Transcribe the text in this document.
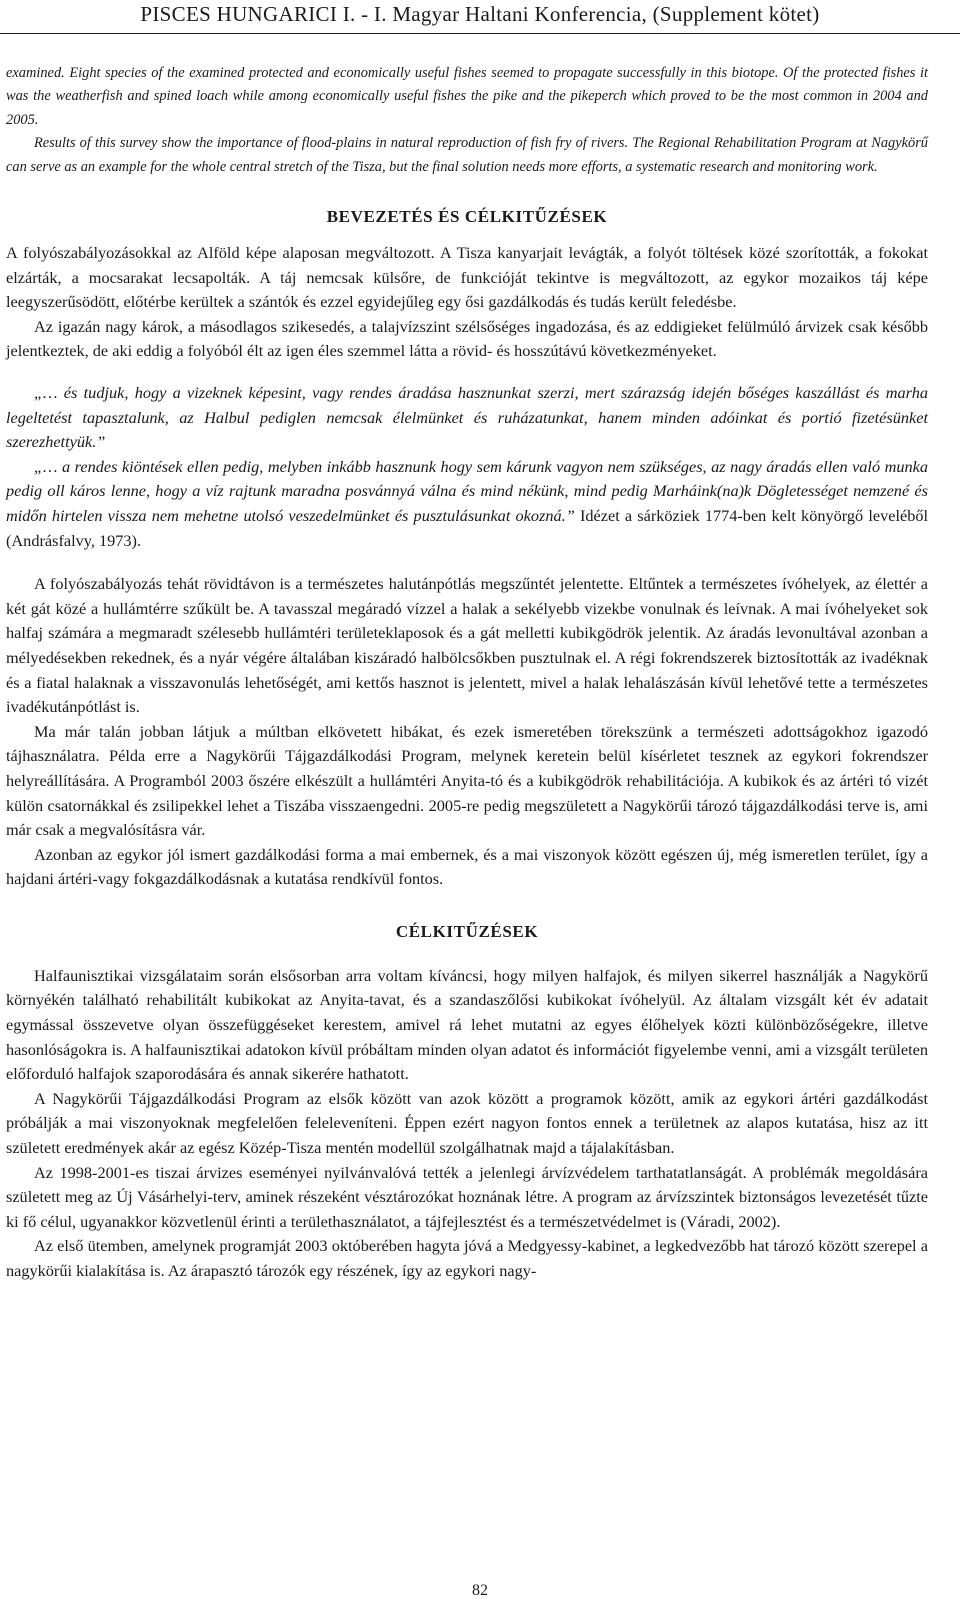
PISCES HUNGARICI I. - I. Magyar Haltani Konferencia, (Supplement kötet)

examined. Eight species of the examined protected and economically useful fishes seemed to propagate successfully in this biotope. Of the protected fishes it was the weatherfish and spined loach while among economically useful fishes the pike and the pikeperch which proved to be the most common in 2004 and 2005.

Results of this survey show the importance of flood-plains in natural reproduction of fish fry of rivers. The Regional Rehabilitation Program at Nagykörű can serve as an example for the whole central stretch of the Tisza, but the final solution needs more efforts, a systematic research and monitoring work.

BEVEZETÉS ÉS CÉLKITŰZÉSEK

A folyószabályozásokkal az Alföld képe alaposan megváltozott. A Tisza kanyarjait levágták, a folyót töltések közé szorították, a fokokat elzárták, a mocsarakat lecsapolták. A táj nemcsak külsőre, de funkcióját tekintve is megváltozott, az egykor mozaikos táj képe leegyszerűsödött, előtérbe kerültek a szántók és ezzel egyidejűleg egy ősi gazdálkodás és tudás került feledésbe.

Az igazán nagy károk, a másodlagos szikesedés, a talajvízszint szélsőséges ingadozása, és az eddigieket felülmúló árvizek csak később jelentkeztek, de aki eddig a folyóból élt az igen éles szemmel látta a rövid- és hosszútávú következményeket.

„… és tudjuk, hogy a vizeknek képesint, vagy rendes áradása hasznunkat szerzi, mert szárazság idején bőséges kaszállást és marha legeltetést tapasztalunk, az Halbul pediglen nemcsak élelmünket és ruházatunkat, hanem minden adóinkat és portió fizetésünket szerezhettyük.”

„… a rendes kiöntések ellen pedig, melyben inkább hasznunk hogy sem kárunk vagyon nem szükséges, az nagy áradás ellen való munka pedig oll káros lenne, hogy a víz rajtunk maradna posvánnyá válna és mind nékünk, mind pedig Marháink(na)k Dögletességet nemzené és midőn hirtelen vissza nem mehetne utolsó veszedelmünket és pusztulásunkat okozná.” Idézet a sárköziek 1774-ben kelt könyörgő leveléből (Andrásfalvy, 1973).

A folyószabályozás tehát rövidtávon is a természetes halutánpótlás megszűntét jelentette. Eltűntek a természetes ívóhelyek, az élettér a két gát közé a hullámtérre szűkült be. A tavasszal megáradó vízzel a halak a sekélyebb vizekbe vonulnak és leívnak. A mai ívóhelyeket sok halfaj számára a megmaradt szélesebb hullámtéri területeklaposok és a gát melletti kubikgödrök jelentik. Az áradás levonultával azonban a mélyedésekben rekednek, és a nyár végére általában kiszáradó halbölcsőkben pusztulnak el. A régi fokrendszerek biztosították az ivadéknak és a fiatal halaknak a visszavonulás lehetőségét, ami kettős hasznot is jelentett, mivel a halak lehalászásán kívül lehetővé tette a természetes ivadékutánpótlást is.

Ma már talán jobban látjuk a múltban elkövetett hibákat, és ezek ismeretében törekszünk a természeti adottságokhoz igazodó tájhasználatra. Példa erre a Nagykörűi Tájgazdálkodási Program, melynek keretein belül kísérletet tesznek az egykori fokrendszer helyreállítására. A Programból 2003 őszére elkészült a hullámtéri Anyita-tó és a kubikgödrök rehabilitációja. A kubikok és az ártéri tó vizét külön csatornákkal és zsilipekkel lehet a Tiszába visszaengedni. 2005-re pedig megszületett a Nagykörűi tározó tájgazdálkodási terve is, ami már csak a megvalósításra vár.

Azonban az egykor jól ismert gazdálkodási forma a mai embernek, és a mai viszonyok között egészen új, még ismeretlen terület, így a hajdani ártéri-vagy fokgazdálkodásnak a kutatása rendkívül fontos.

CÉLKITŰZÉSEK

Halfaunisztikai vizsgálataim során elsősorban arra voltam kíváncsi, hogy milyen halfajok, és milyen sikerrel használják a Nagykörű környékén található rehabilitált kubikokat az Anyita-tavat, és a szandaszőlősi kubikokat ívóhelyül. Az általam vizsgált két év adatait egymással összevetve olyan összefüggéseket kerestem, amivel rá lehet mutatni az egyes élőhelyek közti különbözőségekre, illetve hasonlóságokra is. A halfaunisztikai adatokon kívül próbáltam minden olyan adatot és információt figyelembe venni, ami a vizsgált területen előforduló halfajok szaporodására és annak sikerére hathatott.

A Nagykörűi Tájgazdálkodási Program az elsők között van azok között a programok között, amik az egykori ártéri gazdálkodást próbálják a mai viszonyoknak megfelelően feleleveníteni. Éppen ezért nagyon fontos ennek a területnek az alapos kutatása, hisz az itt született eredmények akár az egész Közép-Tisza mentén modellül szolgálhatnak majd a tájalakításban.

Az 1998-2001-es tiszai árvizes eseményei nyilvánvalóvá tették a jelenlegi árvízvédelem tarthatatlanságát. A problémák megoldására született meg az Új Vásárhelyi-terv, aminek részeként vésztározókat hoznának létre. A program az árvízszintek biztonságos levezetését tűzte ki fő célul, ugyanakkor közvetlenül érinti a területhasználatot, a tájfejlesztést és a természetvédelmet is (Váradi, 2002).

Az első ütemben, amelynek programját 2003 októberében hagyta jóvá a Medgyessy-kabinet, a legkedvezőbb hat tározó között szerepel a nagykörűi kialakítása is. Az árapasztó tározók egy részének, így az egykori nagy-

82
